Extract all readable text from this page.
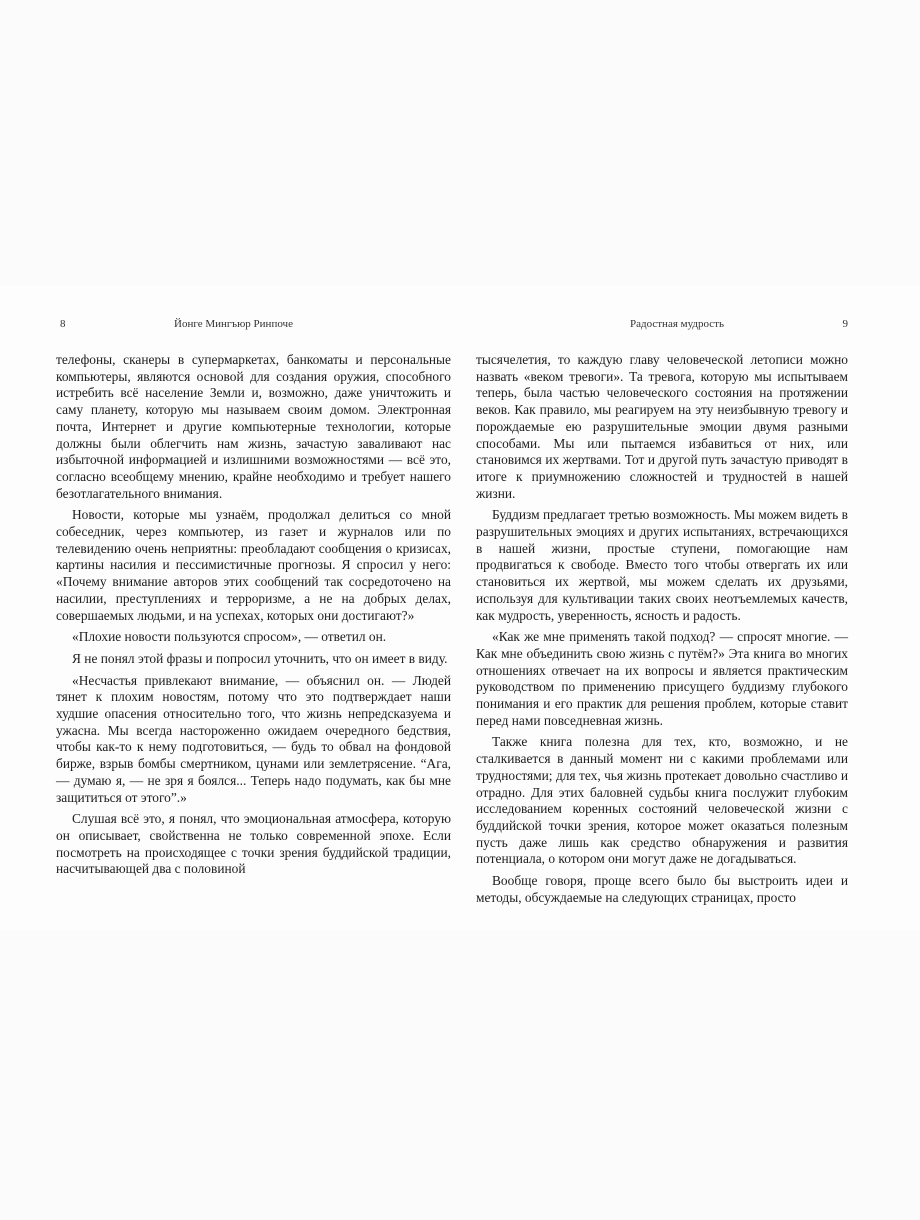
8	Йонге Мингъюр Ринпоче

телефоны, сканеры в супермаркетах, банкоматы и персональные компьютеры, являются основой для создания оружия, способного истребить всё население Земли и, возможно, даже уничтожить и саму планету, которую мы называем своим домом. Электронная почта, Интернет и другие компьютерные технологии, которые должны были облегчить нам жизнь, зачастую заваливают нас избыточной информацией и излишними возможностями — всё это, согласно всеобщему мнению, крайне необходимо и требует нашего безотлагательного внимания.

Новости, которые мы узнаём, продолжал делиться со мной собеседник, через компьютер, из газет и журналов или по телевидению очень неприятны: преобладают сообщения о кризисах, картины насилия и пессимистичные прогнозы. Я спросил у него: «Почему внимание авторов этих сообщений так сосредоточено на насилии, преступлениях и терроризме, а не на добрых делах, совершаемых людьми, и на успехах, которых они достигают?»

«Плохие новости пользуются спросом», — ответил он.

Я не понял этой фразы и попросил уточнить, что он имеет в виду.

«Несчастья привлекают внимание, — объяснил он. — Людей тянет к плохим новостям, потому что это подтверждает наши худшие опасения относительно того, что жизнь непредсказуема и ужасна. Мы всегда настороженно ожидаем очередного бедствия, чтобы как-то к нему подготовиться, — будь то обвал на фондовой бирже, взрыв бомбы смертником, цунами или землетрясение. “Ага, — думаю я, — не зря я боялся... Теперь надо подумать, как бы мне защититься от этого”.»

Слушая всё это, я понял, что эмоциональная атмосфера, которую он описывает, свойственна не только современной эпохе. Если посмотреть на происходящее с точки зрения буддийской традиции, насчитывающей два с половиной

Радостная мудрость	9

тысячелетия, то каждую главу человеческой летописи можно назвать «веком тревоги». Та тревога, которую мы испытываем теперь, была частью человеческого состояния на протяжении веков. Как правило, мы реагируем на эту неизбывную тревогу и порождаемые ею разрушительные эмоции двумя разными способами. Мы или пытаемся избавиться от них, или становимся их жертвами. Тот и другой путь зачастую приводят в итоге к приумножению сложностей и трудностей в нашей жизни.

Буддизм предлагает третью возможность. Мы можем видеть в разрушительных эмоциях и других испытаниях, встречающихся в нашей жизни, простые ступени, помогающие нам продвигаться к свободе. Вместо того чтобы отвергать их или становиться их жертвой, мы можем сделать их друзьями, используя для культивации таких своих неотъемлемых качеств, как мудрость, уверенность, ясность и радость.

«Как же мне применять такой подход? — спросят многие. — Как мне объединить свою жизнь с путём?» Эта книга во многих отношениях отвечает на их вопросы и является практическим руководством по применению присущего буддизму глубокого понимания и его практик для решения проблем, которые ставит перед нами повседневная жизнь.

Также книга полезна для тех, кто, возможно, и не сталкивается в данный момент ни с какими проблемами или трудностями; для тех, чья жизнь протекает довольно счастливо и отрадно. Для этих баловней судьбы книга послужит глубоким исследованием коренных состояний человеческой жизни с буддийской точки зрения, которое может оказаться полезным пусть даже лишь как средство обнаружения и развития потенциала, о котором они могут даже не догадываться.

Вообще говоря, проще всего было бы выстроить идеи и методы, обсуждаемые на следующих страницах, просто
